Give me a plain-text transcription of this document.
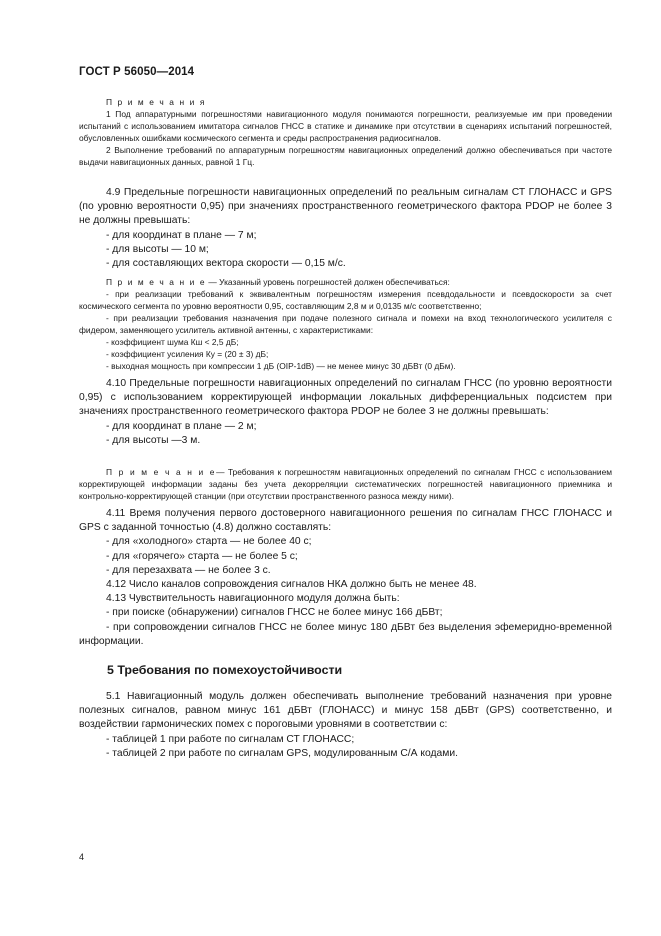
ГОСТ Р 56050—2014

П р и м е ч а н и я

1 Под аппаратурными погрешностями навигационного модуля понимаются погрешности, реализуемые им при проведении испытаний с использованием имитатора сигналов ГНСС в статике и динамике при отсутствии в сценариях испытаний погрешностей, обусловленных ошибками космического сегмента и среды распространения радиосигналов.

2 Выполнение требований по аппаратурным погрешностям навигационных определений должно обеспечиваться при частоте выдачи навигационных данных, равной 1 Гц.

4.9 Предельные погрешности навигационных определений по реальным сигналам СТ ГЛОНАСС и GPS (по уровню вероятности 0,95) при значениях пространственного геометрического фактора PDOP не более 3 не должны превышать:

- для координат в плане — 7 м;

- для высоты — 10 м;

- для составляющих вектора скорости — 0,15 м/с.

П р и м е ч а н и е — Указанный уровень погрешностей должен обеспечиваться:

- при реализации требований к эквивалентным погрешностям измерения псевдодальности и псевдоскорости за счет космического сегмента по уровню вероятности 0,95, составляющим 2,8 м и 0,0135 м/с соответственно;

- при реализации требования назначения при подаче полезного сигнала и помехи на вход технологического усилителя с фидером, заменяющего усилитель активной антенны, с характеристиками:

- коэффициент шума Кш < 2,5 дБ;

- коэффициент усиления Ку = (20 ± 3) дБ;

- выходная мощность при компрессии 1 дБ (OIP-1dB) — не менее минус 30 дБВт (0 дБм).

4.10 Предельные погрешности навигационных определений по сигналам ГНСС (по уровню вероятности 0,95) с использованием корректирующей информации локальных дифференциальных подсистем при значениях пространственного геометрического фактора PDOP не более 3 не должны превышать:

- для координат в плане — 2 м;

- для высоты —3 м.

П р и м е ч а н и е— Требования к погрешностям навигационных определений по сигналам ГНСС с использованием корректирующей информации заданы без учета декорреляции систематических погрешностей навигационного приемника и контрольно-корректирующей станции (при отсутствии пространственного разноса между ними).

4.11 Время получения первого достоверного навигационного решения по сигналам ГНСС ГЛОНАСС и GPS с заданной точностью (4.8) должно составлять:

- для «холодного» старта — не более 40 с;

- для «горячего» старта — не более 5 с;

- для перезахвата — не более 3 с.

4.12 Число каналов сопровождения сигналов НКА должно быть не менее 48.

4.13 Чувствительность навигационного модуля должна быть:

- при поиске (обнаружении) сигналов ГНСС не более минус 166 дБВт;

- при сопровождении сигналов ГНСС не более минус 180 дБВт без выделения эфемеридно-временной информации.

5 Требования по помехоустойчивости

5.1 Навигационный модуль должен обеспечивать выполнение требований назначения при уровне полезных сигналов, равном минус 161 дБВт (ГЛОНАСС) и минус 158 дБВт (GPS) соответственно, и воздействии гармонических помех с пороговыми уровнями в соответствии с:

- таблицей 1 при работе по сигналам СТ ГЛОНАСС;

- таблицей 2 при работе по сигналам GPS, модулированным С/А кодами.

4
